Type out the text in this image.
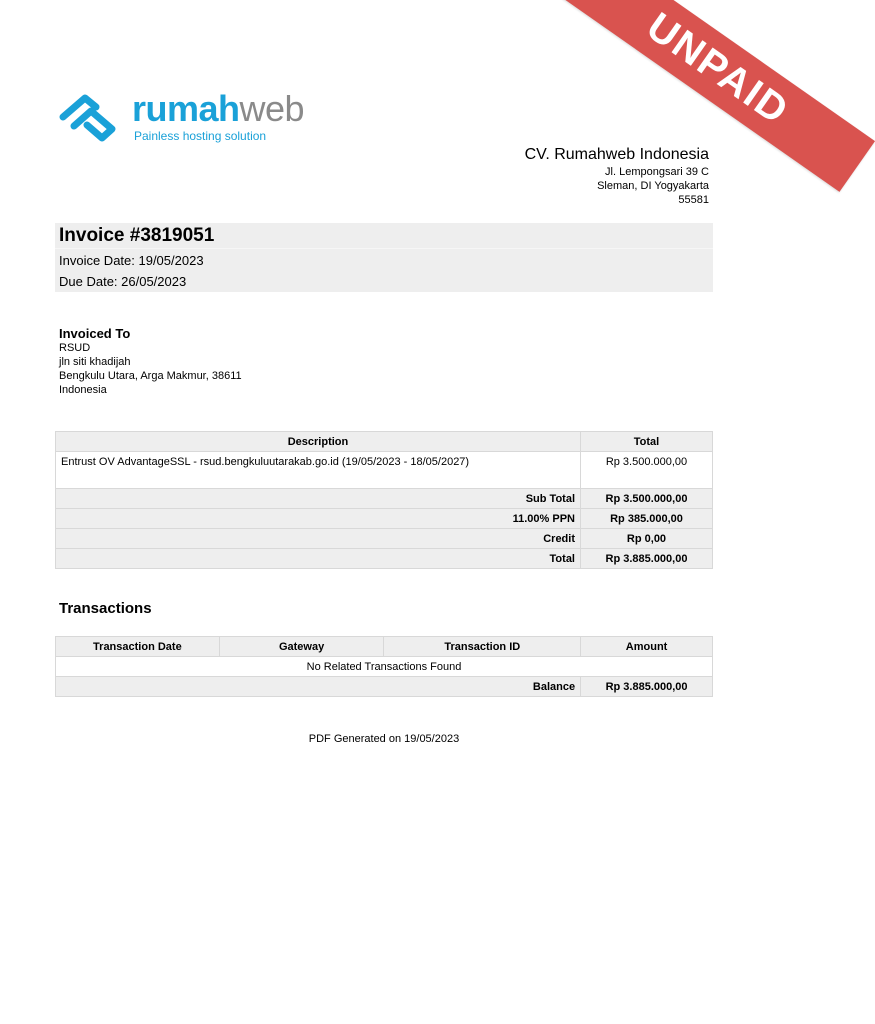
UNPAID
rumahweb
Painless hosting solution
CV. Rumahweb Indonesia
Jl. Lempongsari 39 C
Sleman, DI Yogyakarta
55581
Invoice #3819051
Invoice Date: 19/05/2023
Due Date: 26/05/2023
Invoiced To
RSUD
jln siti khadijah
Bengkulu Utara, Arga Makmur, 38611
Indonesia
Description	Total
Entrust OV AdvantageSSL - rsud.bengkuluutarakab.go.id (19/05/2023 - 18/05/2027)	Rp 3.500.000,00
Sub Total	Rp 3.500.000,00
11.00% PPN	Rp 385.000,00
Credit	Rp 0,00
Total	Rp 3.885.000,00
Transactions
Transaction Date	Gateway	Transaction ID	Amount
No Related Transactions Found			
Balance			Rp 3.885.000,00
PDF Generated on 19/05/2023
